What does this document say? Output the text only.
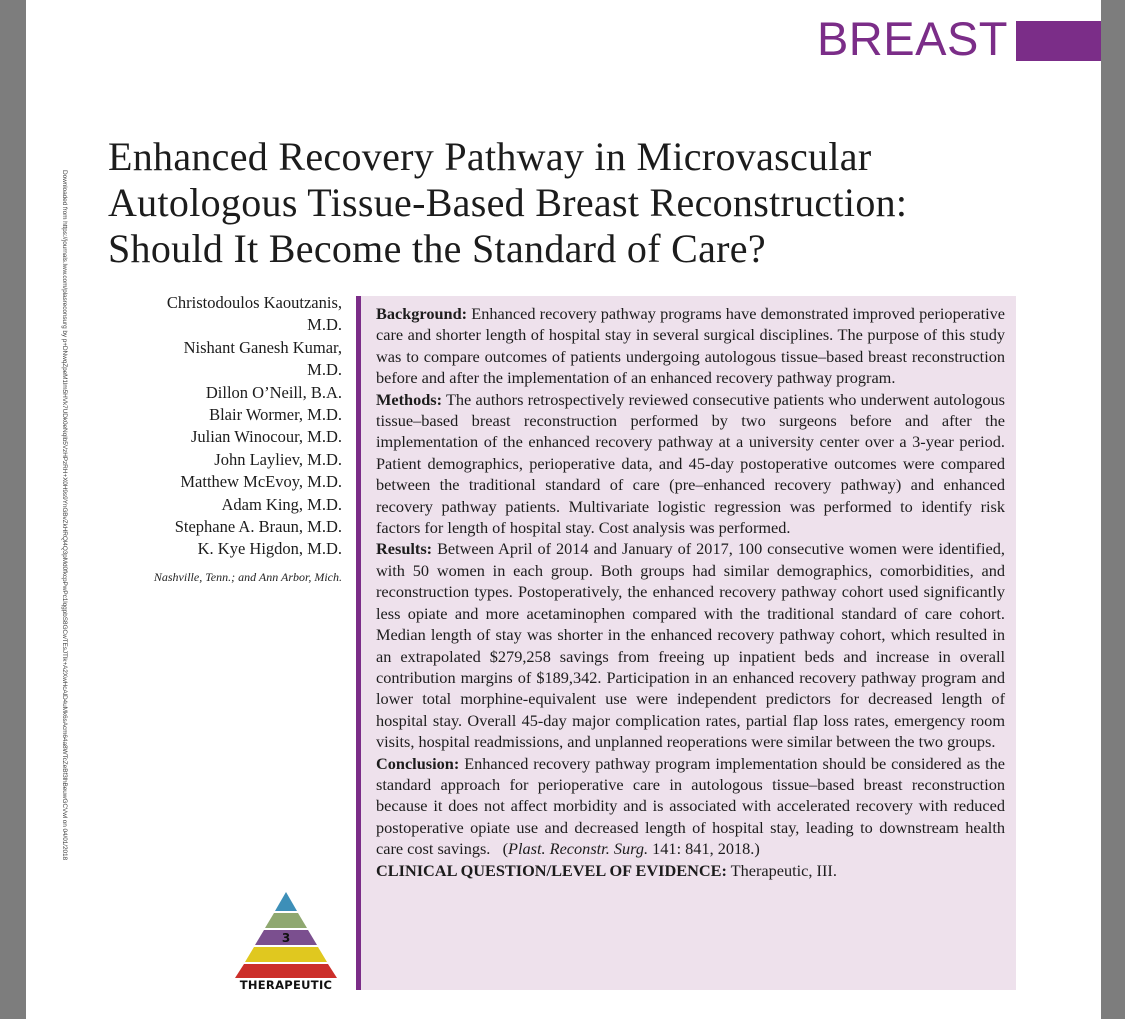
Downloaded from https://journals.lww.com/plasreconsurg by p+DNwqZpeM1lm5HVk7UDk0eNqIb5VzHPzRH+X0H9s9YnGBvZkHRQl4Q3pMd0fkcpPwPc1lqgpbS8GCwTEsJTlk+A2XwHcAlD4uMk6sAcm64a8WTcZeBf3lhBeuwGCVwl on 04/01/2018
BREAST
Enhanced Recovery Pathway in Microvascular
Autologous Tissue-Based Breast Reconstruction:
Should It Become the Standard of Care?
Christodoulos Kaoutzanis,
M.D.
Nishant Ganesh Kumar,
M.D.
Dillon O’Neill, B.A.
Blair Wormer, M.D.
Julian Winocour, M.D.
John Layliev, M.D.
Matthew McEvoy, M.D.
Adam King, M.D.
Stephane A. Braun, M.D.
K. Kye Higdon, M.D.
Nashville, Tenn.; and Ann Arbor, Mich.

Background: Enhanced recovery pathway programs have demonstrated improved perioperative care and shorter length of hospital stay in several surgical disciplines. The purpose of this study was to compare outcomes of patients undergoing autologous tissue–based breast reconstruction before and after the implementation of an enhanced recovery pathway program.

Methods: The authors retrospectively reviewed consecutive patients who underwent autologous tissue–based breast reconstruction performed by two surgeons before and after the implementation of the enhanced recovery pathway at a university center over a 3-year period. Patient demographics, perioperative data, and 45-day postoperative outcomes were compared between the traditional standard of care (pre–enhanced recovery pathway) and enhanced recovery pathway patients. Multivariate logistic regression was performed to identify risk factors for length of hospital stay. Cost analysis was performed.

Results: Between April of 2014 and January of 2017, 100 consecutive women were identified, with 50 women in each group. Both groups had similar demographics, comorbidities, and reconstruction types. Postoperatively, the enhanced recovery pathway cohort used significantly less opiate and more acetaminophen compared with the traditional standard of care cohort. Median length of stay was shorter in the enhanced recovery pathway cohort, which resulted in an extrapolated $279,258 savings from freeing up inpatient beds and increase in overall contribution margins of $189,342. Participation in an enhanced recovery pathway program and lower total morphine-equivalent use were independent predictors for decreased length of hospital stay. Overall 45-day major complication rates, partial flap loss rates, emergency room visits, hospital readmissions, and unplanned reoperations were similar between the two groups.

Conclusion: Enhanced recovery pathway program implementation should be considered as the standard approach for perioperative care in autologous tissue–based breast reconstruction because it does not affect morbidity and is associated with accelerated recovery with reduced postoperative opiate use and decreased length of hospital stay, leading to downstream health care cost savings. (Plast. Reconstr. Surg. 141: 841, 2018.)

CLINICAL QUESTION/LEVEL OF EVIDENCE: Therapeutic, III.

3
THERAPEUTIC
